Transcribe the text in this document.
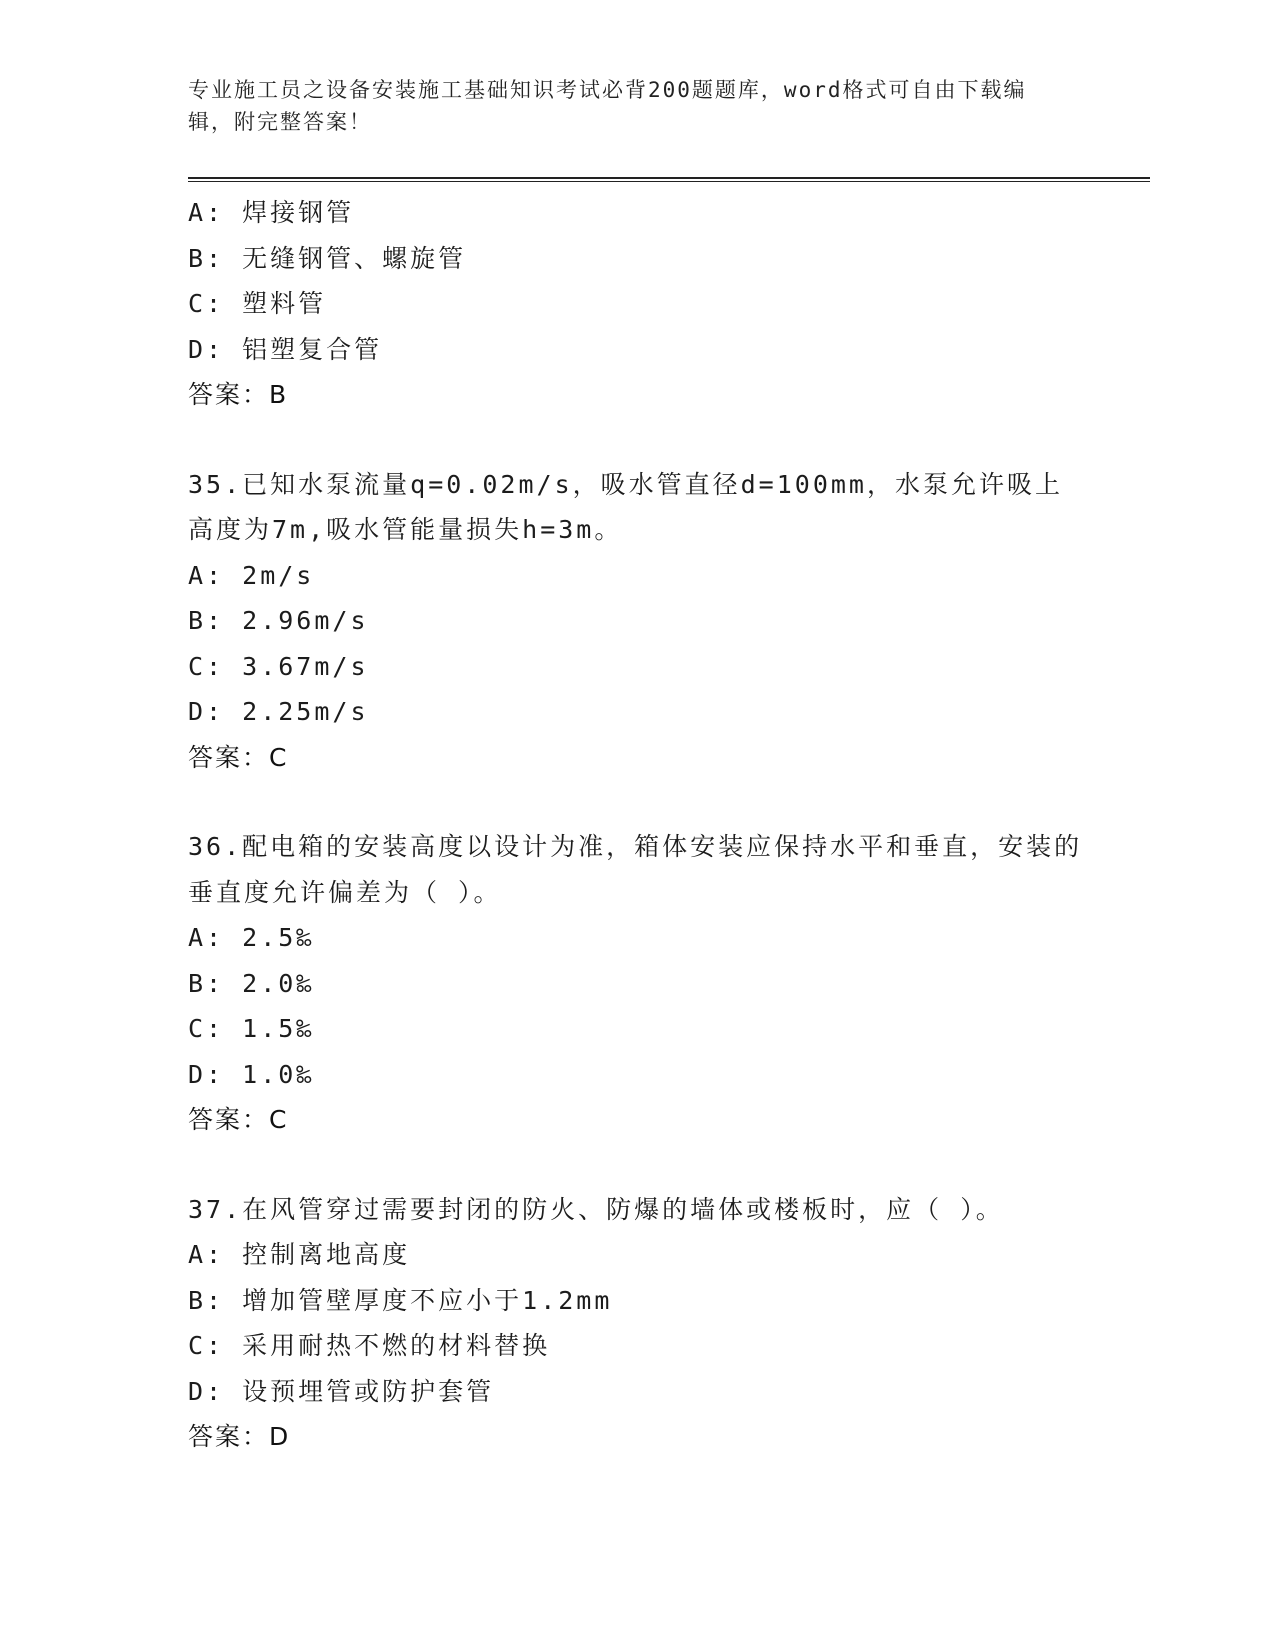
专业施工员之设备安装施工基础知识考试必背200题题库，word格式可自由下载编辑，附完整答案！
A: 焊接钢管
B: 无缝钢管、螺旋管
C: 塑料管
D: 铝塑复合管
答案：B
35.已知水泵流量q=0.02m/s，吸水管直径d=100mm，水泵允许吸上高度为7m,吸水管能量损失h=3m。
A: 2m/s
B: 2.96m/s
C: 3.67m/s
D: 2.25m/s
答案：C
36.配电箱的安装高度以设计为准，箱体安装应保持水平和垂直，安装的垂直度允许偏差为（ ）。
A: 2.5‰
B: 2.0‰
C: 1.5‰
D: 1.0‰
答案：C
37.在风管穿过需要封闭的防火、防爆的墙体或楼板时，应（ ）。
A: 控制离地高度
B: 增加管壁厚度不应小于1.2mm
C: 采用耐热不燃的材料替换
D: 设预埋管或防护套管
答案：D
